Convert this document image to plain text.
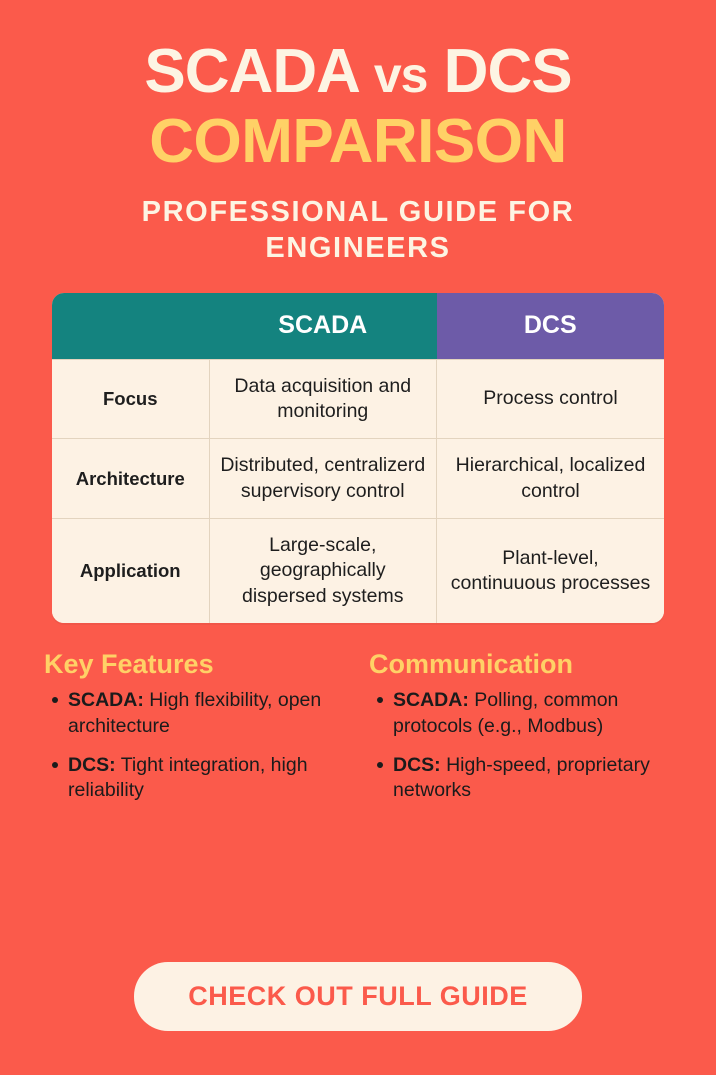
SCADA vs DCS
COMPARISON
PROFESSIONAL GUIDE FOR ENGINEERS
	SCADA	DCS
Focus	Data acquisition and monitoring	Process control
Architecture	Distributed, centralizerd supervisory control	Hierarchical, localized control
Application	Large-scale, geographically dispersed systems	Plant-level, continuuous processes
Key Features
SCADA: High flexibility, open architecture
DCS: Tight integration, high reliability
Communication
SCADA: Polling, common protocols (e.g., Modbus)
DCS: High-speed, proprietary networks
CHECK OUT FULL GUIDE
